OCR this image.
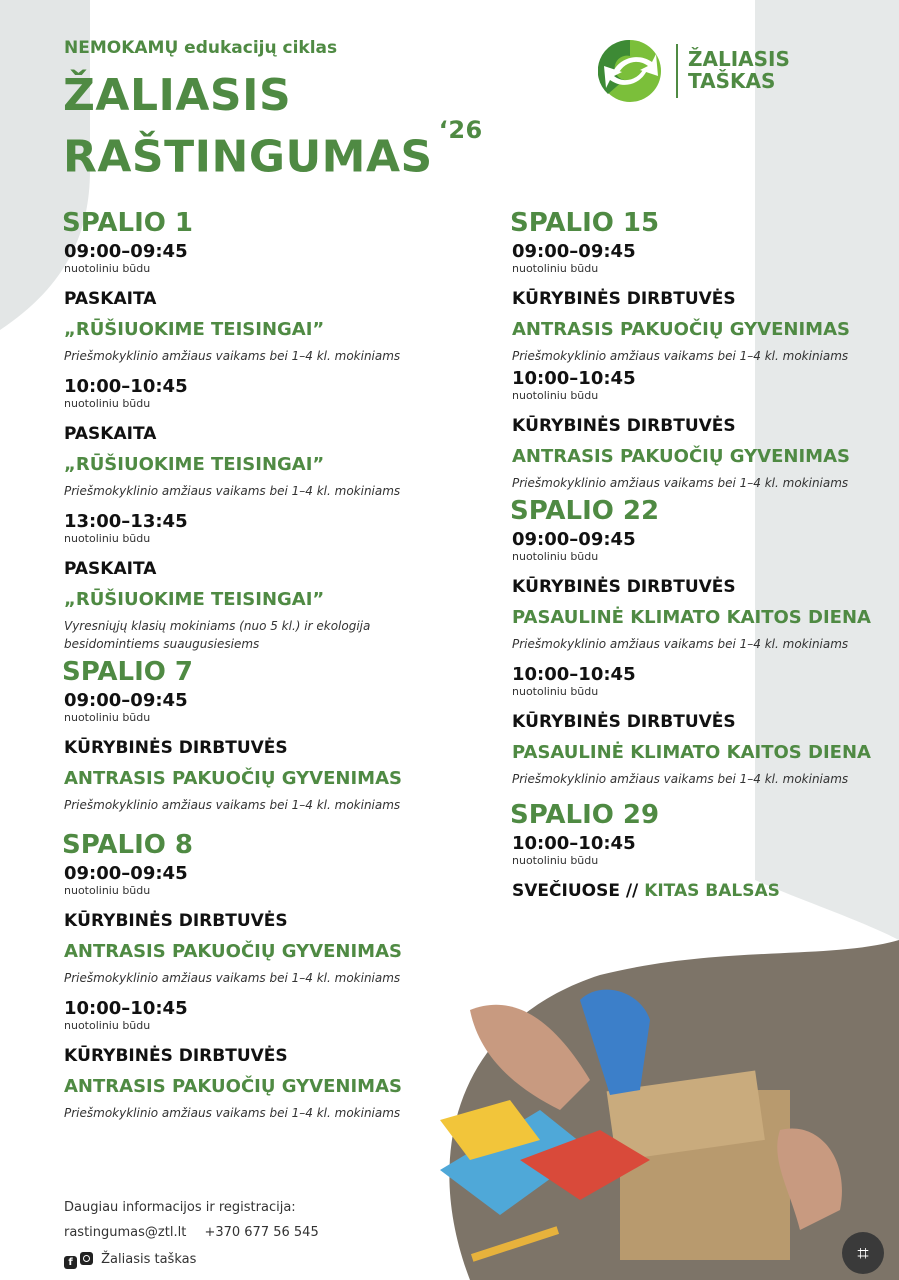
NEMOKAMŲ edukacijų ciklas
ŽALIASIS
$RAŠTINGUMAS^{‘26}$
ŽALIASIS
TAŠKAS
SPALIO 1
09:00–09:45
nuotoliniu būdu
PASKAITA
„RŪŠIUOKIME TEISINGAI”
Priešmokyklinio amžiaus vaikams bei 1–4 kl. mokiniams
10:00–10:45
nuotoliniu būdu
PASKAITA
„RŪŠIUOKIME TEISINGAI”
Priešmokyklinio amžiaus vaikams bei 1–4 kl. mokiniams
13:00–13:45
nuotoliniu būdu
PASKAITA
„RŪŠIUOKIME TEISINGAI”
Vyresniųjų klasių mokiniams (nuo 5 kl.) ir ekologija besidomintiems suaugusiesiems
SPALIO 7
09:00–09:45
nuotoliniu būdu
KŪRYBINĖS DIRBTUVĖS
ANTRASIS PAKUOČIŲ GYVENIMAS
Priešmokyklinio amžiaus vaikams bei 1–4 kl. mokiniams
SPALIO 8
09:00–09:45
nuotoliniu būdu
KŪRYBINĖS DIRBTUVĖS
ANTRASIS PAKUOČIŲ GYVENIMAS
Priešmokyklinio amžiaus vaikams bei 1–4 kl. mokiniams
10:00–10:45
nuotoliniu būdu
KŪRYBINĖS DIRBTUVĖS
ANTRASIS PAKUOČIŲ GYVENIMAS
Priešmokyklinio amžiaus vaikams bei 1–4 kl. mokiniams
SPALIO 15
09:00–09:45
nuotoliniu būdu
KŪRYBINĖS DIRBTUVĖS
ANTRASIS PAKUOČIŲ GYVENIMAS
Priešmokyklinio amžiaus vaikams bei 1–4 kl. mokiniams
10:00–10:45
nuotoliniu būdu
KŪRYBINĖS DIRBTUVĖS
ANTRASIS PAKUOČIŲ GYVENIMAS
Priešmokyklinio amžiaus vaikams bei 1–4 kl. mokiniams
SPALIO 22
09:00–09:45
nuotoliniu būdu
KŪRYBINĖS DIRBTUVĖS
PASAULINĖ KLIMATO KAITOS DIENA
Priešmokyklinio amžiaus vaikams bei 1–4 kl. mokiniams
10:00–10:45
nuotoliniu būdu
KŪRYBINĖS DIRBTUVĖS
PASAULINĖ KLIMATO KAITOS DIENA
Priešmokyklinio amžiaus vaikams bei 1–4 kl. mokiniams
SPALIO 29
10:00–10:45
nuotoliniu būdu
SVEČIUOSE // KITAS BALSAS
Daugiau informacijos ir registracija:
rastingumas@ztl.lt +370 677 56 545
f Žaliasis taškas	⌗
